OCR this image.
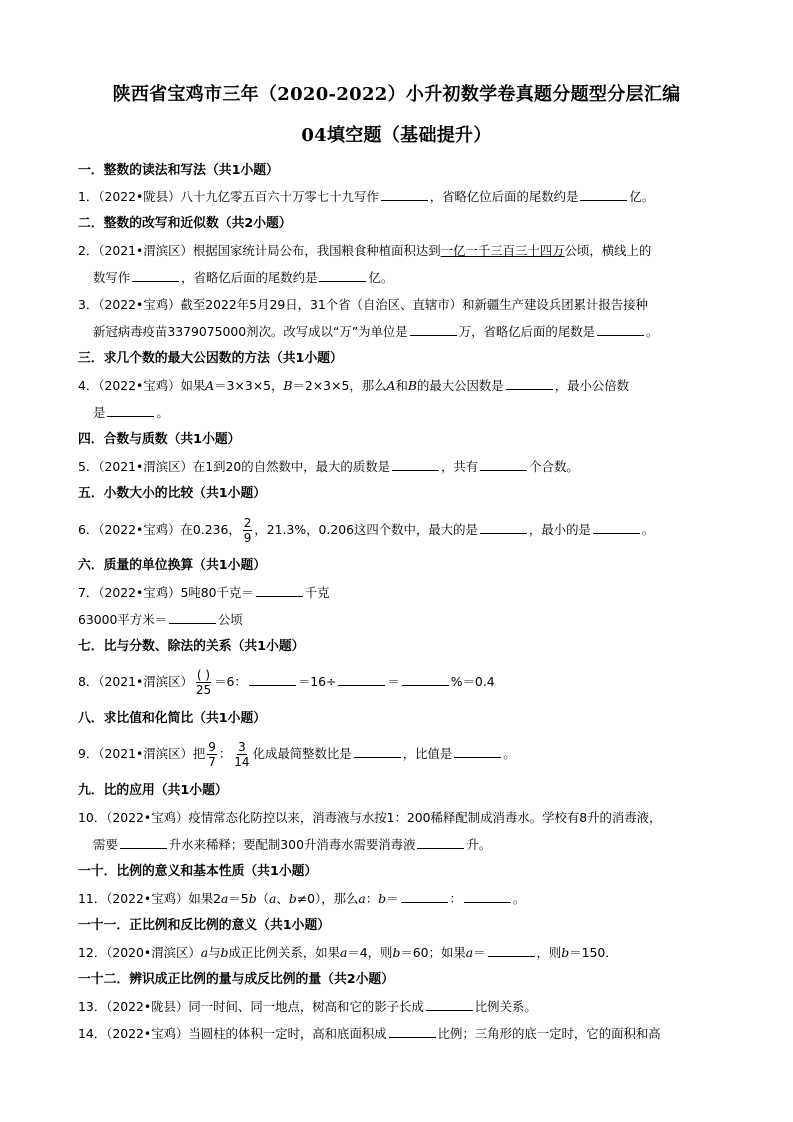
陕西省宝鸡市三年（2020-2022）小升初数学卷真题分题型分层汇编
04填空题（基础提升）
一．整数的读法和写法（共1小题）
1．（2022•陇县）八十九亿零五百六十万零七十九写作	，省略亿位后面的尾数约是	亿。
二．整数的改写和近似数（共2小题）
2．（2021•渭滨区）根据国家统计局公布，我国粮食种植面积达到一亿一千三百三十四万公顷，横线上的
数写作	，省略亿后面的尾数约是	亿。
3．（2022•宝鸡）截至2022年5月29日，31个省（自治区、直辖市）和新疆生产建设兵团累计报告接种
新冠病毒疫苗3379075000剂次。改写成以“万”为单位是	万，省略亿后面的尾数是	。
三．求几个数的最大公因数的方法（共1小题）
4．（2022•宝鸡）如果A＝3×3×5，B＝2×3×5，那么A和B的最大公因数是	，最小公倍数
是	。
四．合数与质数（共1小题）
5．（2021•渭滨区）在1到20的自然数中，最大的质数是	，共有	个合数。
五．小数大小的比较（共1小题）
6．（2022•宝鸡）在0.236， $\frac{2}{9}$ ，21.3%，0.206这四个数中，最大的是	，最小的是	。
六．质量的单位换算（共1小题）
7．（2022•宝鸡）5吨80千克＝	千克
63000平方米＝	公顷
七．比与分数、除法的关系（共1小题）
8．（2021•渭滨区） $\frac{( )}{25} =6$：	＝16÷	＝	%＝0.4
八．求比值和化简比（共1小题）
9．（2021•渭滨区）把 $\frac{9}{7}$ ： $\frac{3}{14}$ 化成最简整数比是	，比值是	。
九．比的应用（共1小题）
10．（2022•宝鸡）疫情常态化防控以来，消毒液与水按1：200稀释配制成消毒水。学校有8升的消毒液，
需要	升水来稀释；要配制300升消毒水需要消毒液	升。
一十．比例的意义和基本性质（共1小题）
11．（2022•宝鸡）如果2a＝5b（a、b≠0），那么a：b＝	：	。
一十一．正比例和反比例的意义（共1小题）
12．（2020•渭滨区）a与b成正比例关系，如果a＝4，则b＝60；如果a＝	，则b＝150．
一十二．辨识成正比例的量与成反比例的量（共2小题）
13．（2022•陇县）同一时间、同一地点，树高和它的影子长成	比例关系。
14．（2022•宝鸡）当圆柱的体积一定时，高和底面积成	比例；三角形的底一定时，它的面积和高
